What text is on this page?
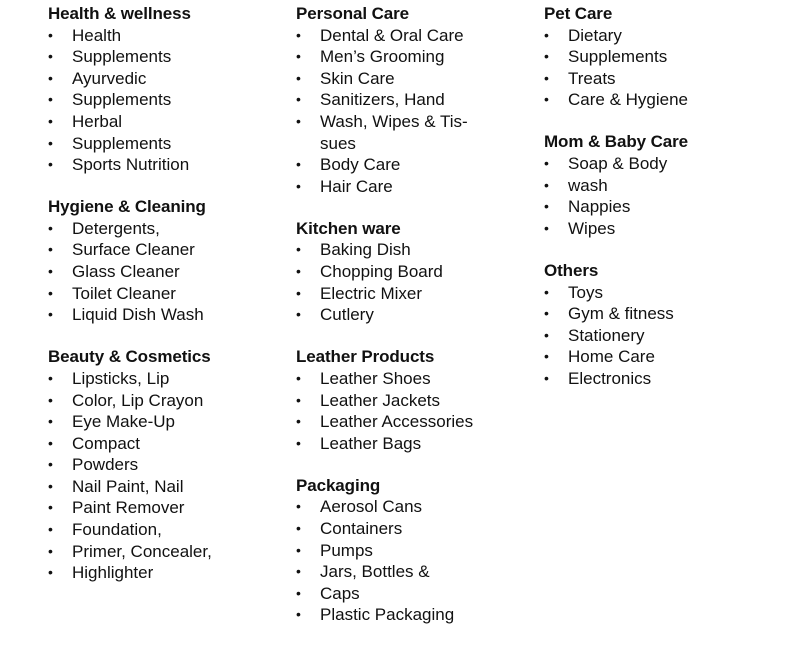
Health & wellness
• Health
• Supplements
• Ayurvedic
• Supplements
• Herbal
• Supplements
• Sports Nutrition
Hygiene & Cleaning
• Detergents,
• Surface Cleaner
• Glass Cleaner
• Toilet Cleaner
• Liquid Dish Wash
Beauty & Cosmetics
• Lipsticks, Lip
• Color, Lip Crayon
• Eye Make-Up
• Compact
• Powders
• Nail Paint, Nail
• Paint Remover
• Foundation,
• Primer, Concealer,
• Highlighter
Personal Care
• Dental & Oral Care
• Men’s Grooming
• Skin Care
• Sanitizers, Hand
• Wash, Wipes & Tis-
sues
• Body Care
• Hair Care
Kitchen ware
• Baking Dish
• Chopping Board
• Electric Mixer
• Cutlery
Leather Products
• Leather Shoes
• Leather Jackets
• Leather Accessories
• Leather Bags
Packaging
• Aerosol Cans
• Containers
• Pumps
• Jars, Bottles &
• Caps
• Plastic Packaging
Pet Care
• Dietary
• Supplements
• Treats
• Care & Hygiene
Mom & Baby Care
• Soap & Body
• wash
• Nappies
• Wipes
Others
• Toys
• Gym & fitness
• Stationery
• Home Care
• Electronics
